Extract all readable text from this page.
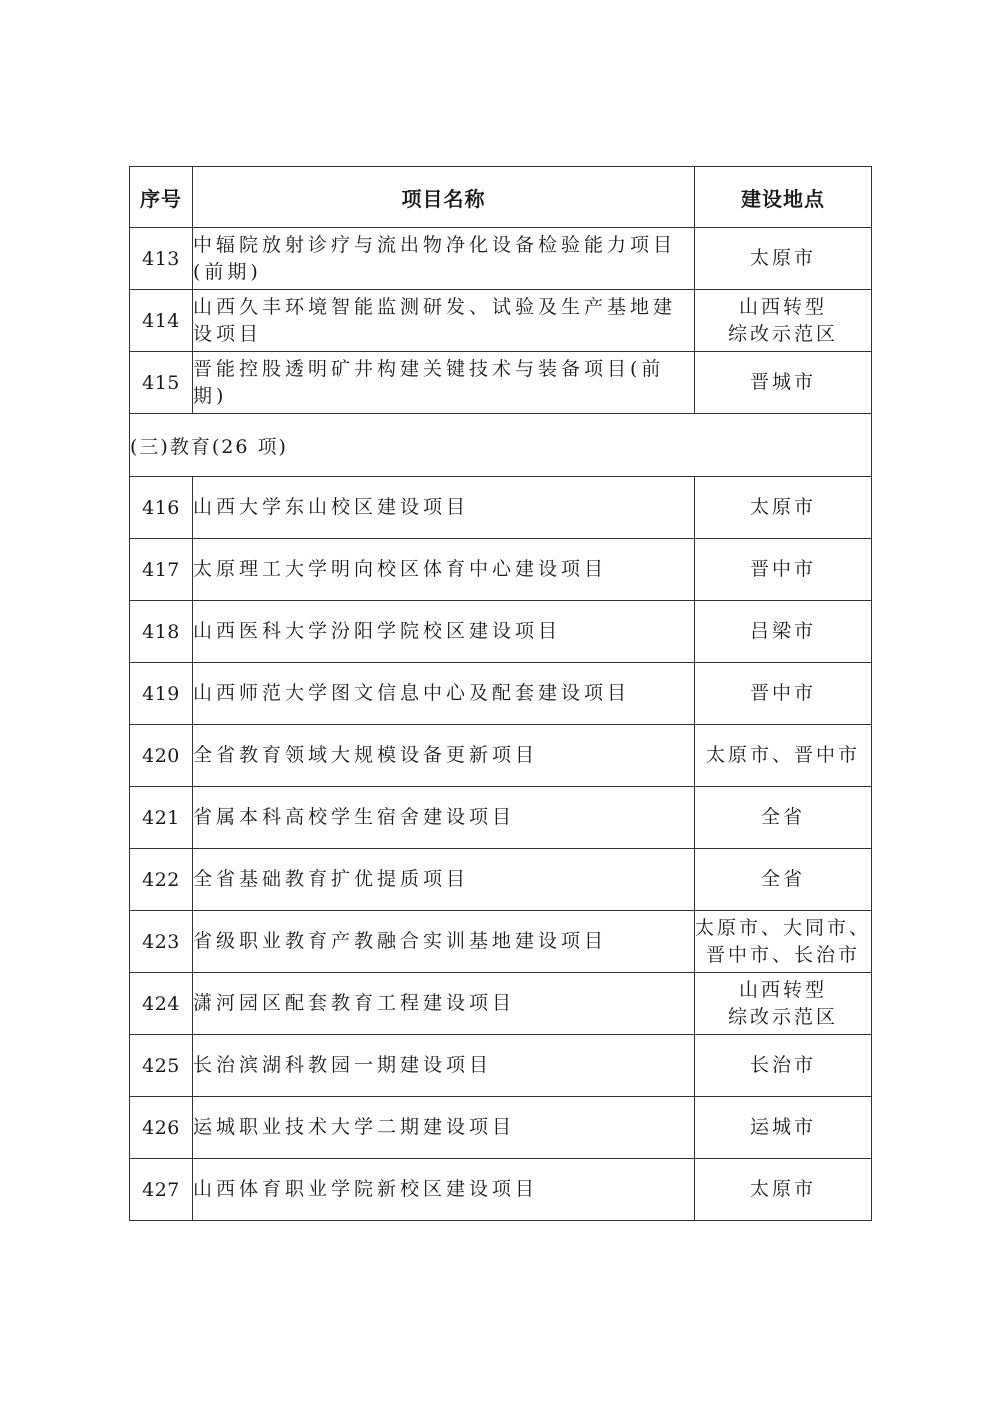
序号	项目名称	建设地点
413	中辐院放射诊疗与流出物净化设备检验能力项目(前期)	太原市
414	山西久丰环境智能监测研发、试验及生产基地建设项目	山西转型
综改示范区
415	晋能控股透明矿井构建关键技术与装备项目(前期)	晋城市
(三)教育(26 项)		
416	山西大学东山校区建设项目	太原市
417	太原理工大学明向校区体育中心建设项目	晋中市
418	山西医科大学汾阳学院校区建设项目	吕梁市
419	山西师范大学图文信息中心及配套建设项目	晋中市
420	全省教育领域大规模设备更新项目	太原市、晋中市
421	省属本科高校学生宿舍建设项目	全省
422	全省基础教育扩优提质项目	全省
423	省级职业教育产教融合实训基地建设项目	太原市、大同市、
晋中市、长治市
424	潇河园区配套教育工程建设项目	山西转型
综改示范区
425	长治滨湖科教园一期建设项目	长治市
426	运城职业技术大学二期建设项目	运城市
427	山西体育职业学院新校区建设项目	太原市
